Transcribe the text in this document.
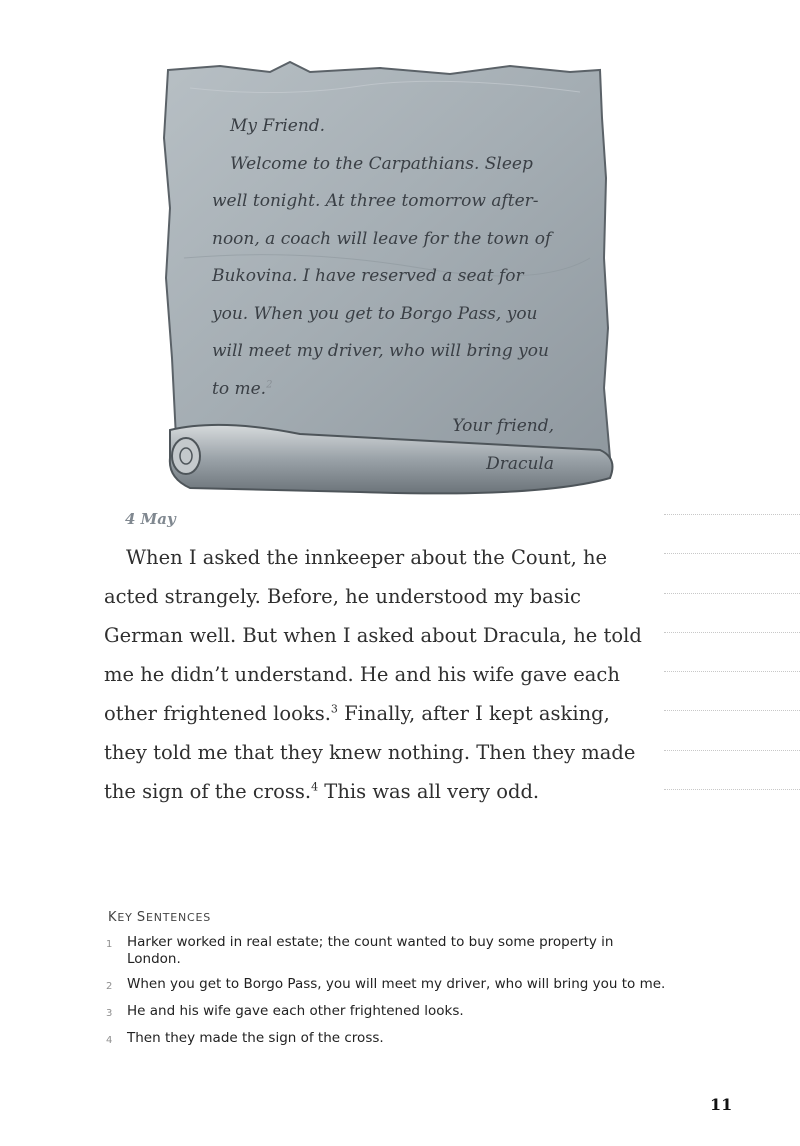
My Friend.
Welcome to the Carpathians. Sleep
well tonight. At three tomorrow after-
noon, a coach will leave for the town of
Bukovina. I have reserved a seat for
you. When you get to Borgo Pass, you
will meet my driver, who will bring you
to me.$^2$
Your friend,
Dracula
4 May

When I asked the innkeeper about the Count, he acted strangely. Before, he understood my basic German well. But when I asked about Dracula, he told me he didn’t understand. He and his wife gave each other frightened looks.$^3$ Finally, after I kept asking, they told me that they knew nothing. Then they made the sign of the cross.$^4$ This was all very odd.

KEY SENTENCES
1	Harker worked in real estate; the count wanted to buy some property in London.
2	When you get to Borgo Pass, you will meet my driver, who will bring you to me.
3	He and his wife gave each other frightened looks.
4	Then they made the sign of the cross.
11
